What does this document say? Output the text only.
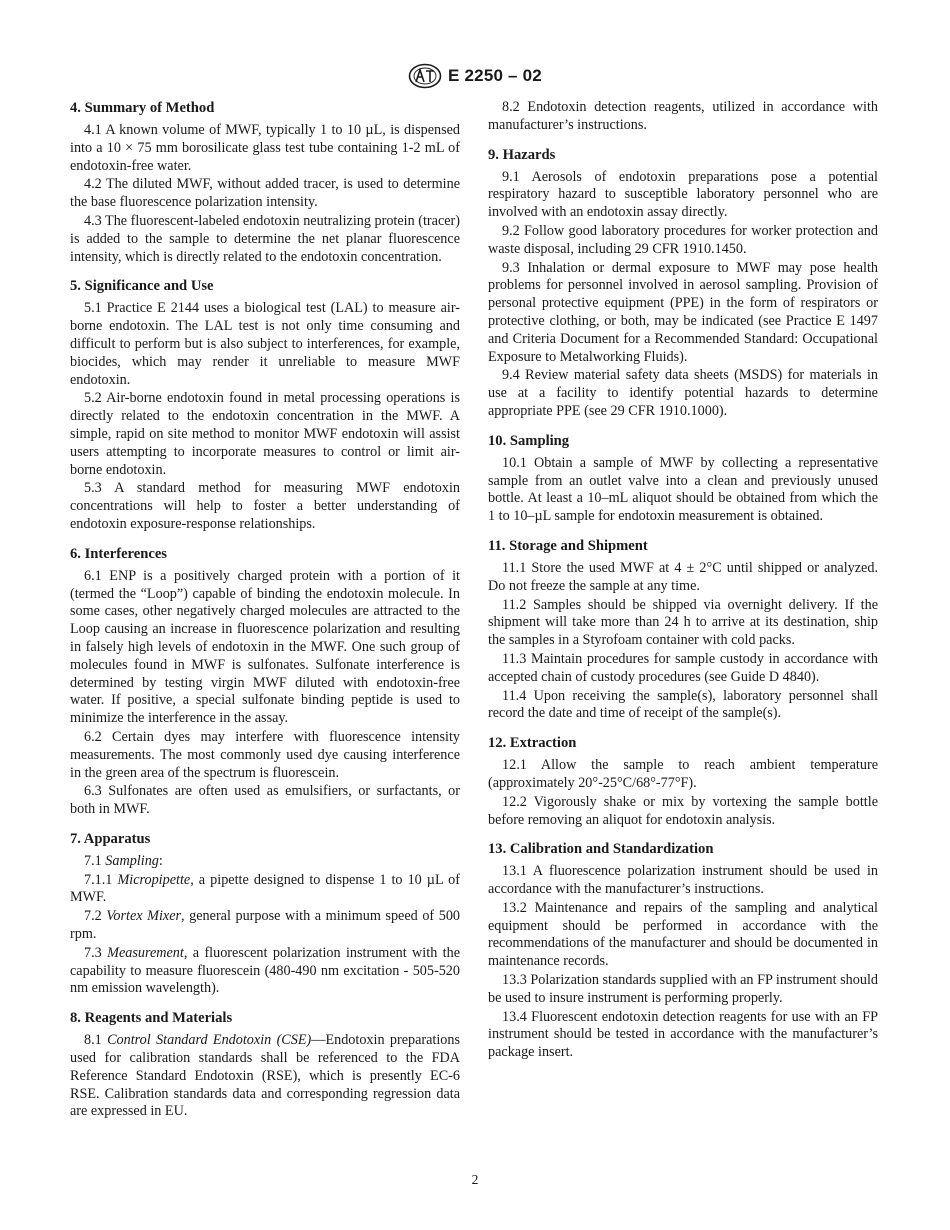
E 2250 – 02
4. Summary of Method

4.1 A known volume of MWF, typically 1 to 10 µL, is dispensed into a 10 × 75 mm borosilicate glass test tube containing 1-2 mL of endotoxin-free water.

4.2 The diluted MWF, without added tracer, is used to determine the base fluorescence polarization intensity.

4.3 The fluorescent-labeled endotoxin neutralizing protein (tracer) is added to the sample to determine the net planar fluorescence intensity, which is directly related to the endotoxin concentration.

5. Significance and Use

5.1 Practice E 2144 uses a biological test (LAL) to measure air-borne endotoxin. The LAL test is not only time consuming and difficult to perform but is also subject to interferences, for example, biocides, which may render it unreliable to measure MWF endotoxin.

5.2 Air-borne endotoxin found in metal processing operations is directly related to the endotoxin concentration in the MWF. A simple, rapid on site method to monitor MWF endotoxin will assist users attempting to incorporate measures to control or limit air-borne endotoxin.

5.3 A standard method for measuring MWF endotoxin concentrations will help to foster a better understanding of endotoxin exposure-response relationships.

6. Interferences

6.1 ENP is a positively charged protein with a portion of it (termed the “Loop”) capable of binding the endotoxin molecule. In some cases, other negatively charged molecules are attracted to the Loop causing an increase in fluorescence polarization and resulting in falsely high levels of endotoxin in the MWF. One such group of molecules found in MWF is sulfonates. Sulfonate interference is determined by testing virgin MWF diluted with endotoxin-free water. If positive, a special sulfonate binding peptide is used to minimize the interference in the assay.

6.2 Certain dyes may interfere with fluorescence intensity measurements. The most commonly used dye causing interference in the green area of the spectrum is fluorescein.

6.3 Sulfonates are often used as emulsifiers, or surfactants, or both in MWF.

7. Apparatus

7.1 Sampling:

7.1.1 Micropipette, a pipette designed to dispense 1 to 10 µL of MWF.

7.2 Vortex Mixer, general purpose with a minimum speed of 500 rpm.

7.3 Measurement, a fluorescent polarization instrument with the capability to measure fluorescein (480-490 nm excitation - 505-520 nm emission wavelength).

8. Reagents and Materials

8.1 Control Standard Endotoxin (CSE)—Endotoxin preparations used for calibration standards shall be referenced to the FDA Reference Standard Endotoxin (RSE), which is presently EC-6 RSE. Calibration standards data and corresponding regression data are expressed in EU.

8.2 Endotoxin detection reagents, utilized in accordance with manufacturer’s instructions.

9. Hazards

9.1 Aerosols of endotoxin preparations pose a potential respiratory hazard to susceptible laboratory personnel who are involved with an endotoxin assay directly.

9.2 Follow good laboratory procedures for worker protection and waste disposal, including 29 CFR 1910.1450.

9.3 Inhalation or dermal exposure to MWF may pose health problems for personnel involved in aerosol sampling. Provision of personal protective equipment (PPE) in the form of respirators or protective clothing, or both, may be indicated (see Practice E 1497 and Criteria Document for a Recommended Standard: Occupational Exposure to Metalworking Fluids).

9.4 Review material safety data sheets (MSDS) for materials in use at a facility to identify potential hazards to determine appropriate PPE (see 29 CFR 1910.1000).

10. Sampling

10.1 Obtain a sample of MWF by collecting a representative sample from an outlet valve into a clean and previously unused bottle. At least a 10–mL aliquot should be obtained from which the 1 to 10–µL sample for endotoxin measurement is obtained.

11. Storage and Shipment

11.1 Store the used MWF at 4 ± 2°C until shipped or analyzed. Do not freeze the sample at any time.

11.2 Samples should be shipped via overnight delivery. If the shipment will take more than 24 h to arrive at its destination, ship the samples in a Styrofoam container with cold packs.

11.3 Maintain procedures for sample custody in accordance with accepted chain of custody procedures (see Guide D 4840).

11.4 Upon receiving the sample(s), laboratory personnel shall record the date and time of receipt of the sample(s).

12. Extraction

12.1 Allow the sample to reach ambient temperature (approximately 20°-25°C/68°-77°F).

12.2 Vigorously shake or mix by vortexing the sample bottle before removing an aliquot for endotoxin analysis.

13. Calibration and Standardization

13.1 A fluorescence polarization instrument should be used in accordance with the manufacturer’s instructions.

13.2 Maintenance and repairs of the sampling and analytical equipment should be performed in accordance with the recommendations of the manufacturer and should be documented in maintenance records.

13.3 Polarization standards supplied with an FP instrument should be used to insure instrument is performing properly.

13.4 Fluorescent endotoxin detection reagents for use with an FP instrument should be tested in accordance with the manufacturer’s package insert.

2
